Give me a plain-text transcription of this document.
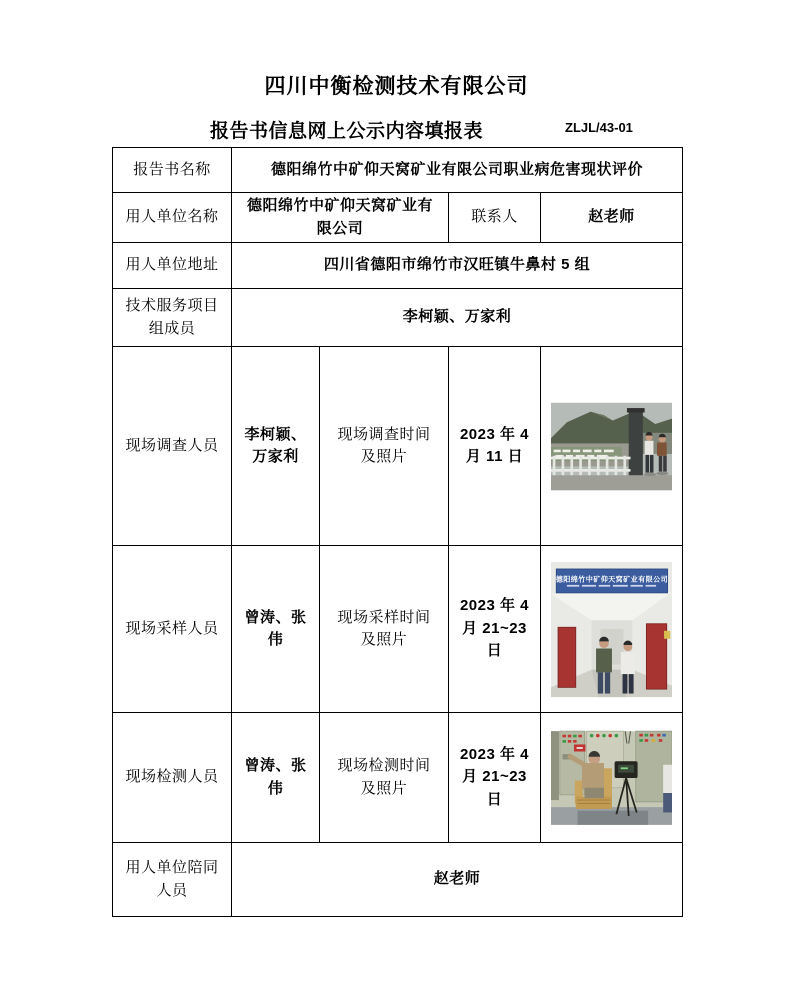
四川中衡检测技术有限公司
报告书信息网上公示内容填报表	ZLJL/43-01
报告书名称	德阳绵竹中矿仰天窝矿业有限公司职业病危害现状评价			
用人单位名称	德阳绵竹中矿仰天窝矿业有限公司		联系人	赵老师
用人单位地址	四川省德阳市绵竹市汉旺镇牛鼻村 5 组			
技术服务项目组成员	李柯颖、万家利			
现场调查人员	李柯颖、万家利	现场调查时间及照片	2023 年 4 月 11 日	

现场采样人员	曾涛、张伟	现场采样时间及照片	2023 年 4 月 21~23 日	德阳绵竹中矿仰天窝矿业有限公司

现场检测人员	曾涛、张伟	现场检测时间及照片	2023 年 4 月 21~23 日	

用人单位陪同人员	赵老师			
